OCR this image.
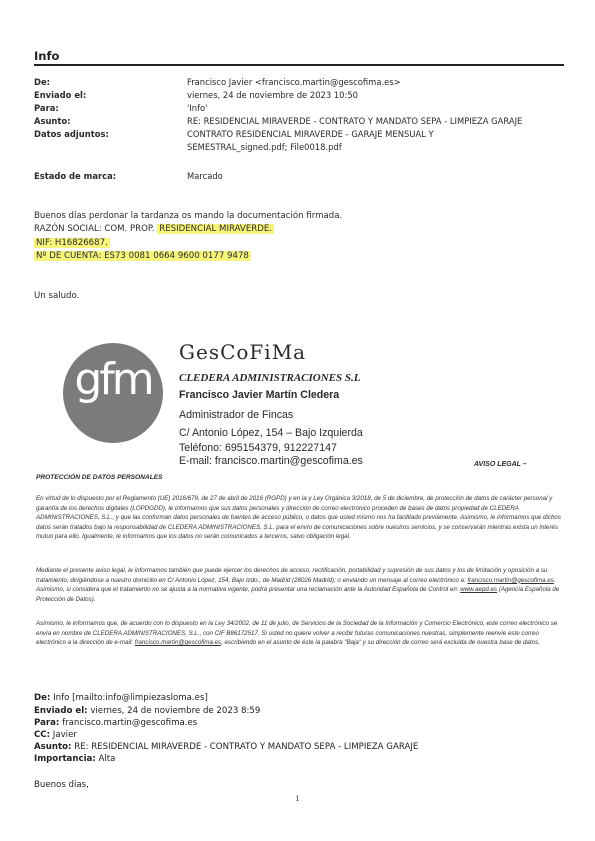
Info
De:	Francisco Javier <francisco.martin@gescofima.es>
Enviado el:	viernes, 24 de noviembre de 2023 10:50
Para:	'Info'
Asunto:	RE: RESIDENCIAL MIRAVERDE - CONTRATO Y MANDATO SEPA - LIMPIEZA GARAJE
Datos adjuntos:	CONTRATO RESIDENCIAL MIRAVERDE - GARAJE MENSUAL Y
SEMESTRAL_signed.pdf; File0018.pdf
Estado de marca:	Marcado
Buenos días perdonar la tardanza os mando la documentación firmada.
RAZÓN SOCIAL: COM. PROP. RESIDENCIAL MIRAVERDE.
NIF: H16826687.
Nº DE CUENTA: ES73 0081 0664 9600 0177 9478
Un saludo.
gfm
GesCoFiMa
CLEDERA ADMINISTRACIONES S.L
Francisco Javier Martín Cledera
Administrador de Fincas
C/ Antonio López, 154 – Bajo Izquierda
Teléfono: 695154379, 912227147
E-mail: francisco.martin@gescofima.es
PROTECCIÓN DE DATOS PERSONALES
AVISO LEGAL –
En virtud de lo dispuesto por el Reglamento (UE) 2016/679, de 27 de abril de 2016 (RGPD) y en la y Ley Orgánica 3/2018, de 5 de diciembre, de protección de datos de carácter personal y garantía de los derechos digitales (LOPDGDD), le informamos que sus datos personales y dirección de correo electrónico proceden de bases de datos propiedad de CLEDERA ADMINISTRACIONES, S.L., y que las conforman datos personales de fuentes de acceso público, o datos que usted mismo nos ha facilitado previamente. Asimismo, le informamos que dichos datos serán tratados bajo la responsabilidad de CLEDERA ADMINISTRACIONES, S.L. para el envío de comunicaciones sobre nuestros servicios, y se conservarán mientras exista un interés mutuo para ello. Igualmente, le informamos que los datos no serán comunicados a terceros, salvo obligación legal.
Mediante el presente aviso legal, le informamos también que puede ejercer los derechos de acceso, rectificación, portabilidad y supresión de sus datos y los de limitación y oposición a su tratamiento, dirigiéndose a nuestro domicilio en C/ Antonio López, 154, Bajo Izdo., de Madrid (28026 Madrid); o enviando un mensaje al correo electrónico a: francisco.martin@gescofima.es. Asimismo, si considera que el tratamiento no se ajusta a la normativa vigente, podrá presentar una reclamación ante la Autoridad Española de Control en: www.aepd.es (Agencia Española de Protección de Datos).
Asimismo, le informamos que, de acuerdo con lo dispuesto en la Ley 34/2002, de 11 de julio, de Servicios de la Sociedad de la Información y Comercio Electrónico, este correo electrónico se envía en nombre de CLEDERA ADMINISTRACIONES, S.L., con CIF B86172517. Si usted no quiere volver a recibir futuras comunicaciones nuestras, simplemente reenvíe este correo electrónico a la dirección de e-mail: francisco.martin@gescofima.es, escribiendo en el asunto de éste la palabra "Baja" y su dirección de correo será excluida de nuestra base de datos.
De: Info [mailto:info@limpiezasloma.es]
Enviado el: viernes, 24 de noviembre de 2023 8:59
Para: francisco.martin@gescofima.es
CC: Javier
Asunto: RE: RESIDENCIAL MIRAVERDE - CONTRATO Y MANDATO SEPA - LIMPIEZA GARAJE
Importancia: Alta
Buenos dias,
1
